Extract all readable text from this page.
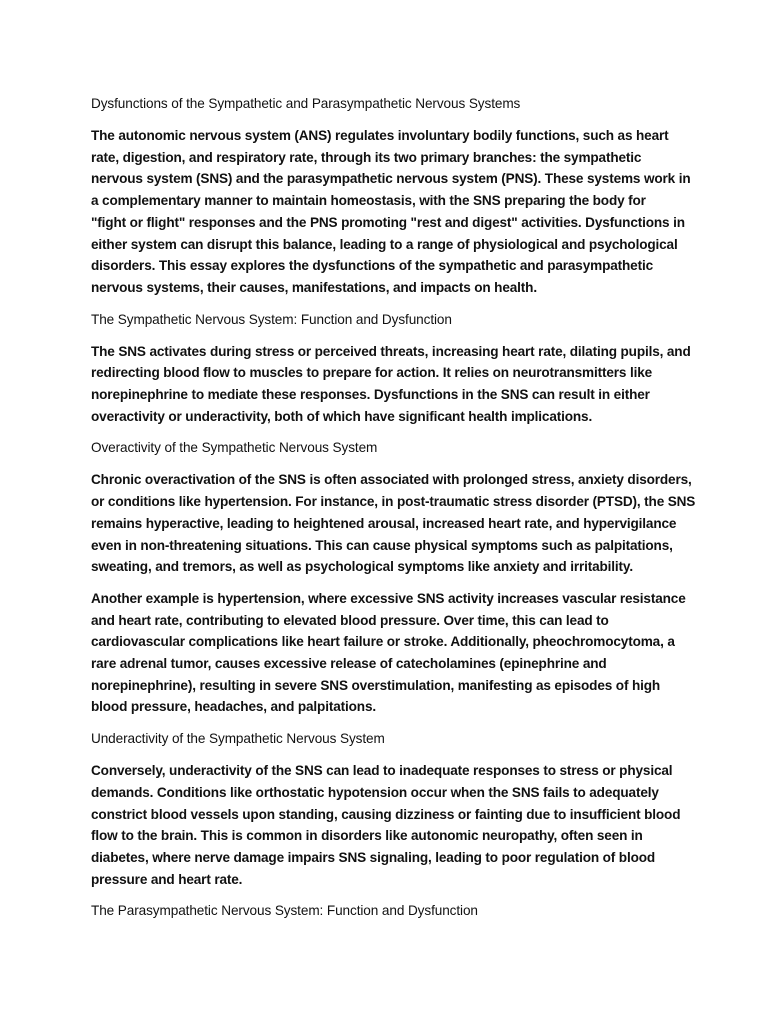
Dysfunctions of the Sympathetic and Parasympathetic Nervous Systems
The autonomic nervous system (ANS) regulates involuntary bodily functions, such as heart
rate, digestion, and respiratory rate, through its two primary branches: the sympathetic
nervous system (SNS) and the parasympathetic nervous system (PNS). These systems work in
a complementary manner to maintain homeostasis, with the SNS preparing the body for
"fight or flight" responses and the PNS promoting "rest and digest" activities. Dysfunctions in
either system can disrupt this balance, leading to a range of physiological and psychological
disorders. This essay explores the dysfunctions of the sympathetic and parasympathetic
nervous systems, their causes, manifestations, and impacts on health.
The Sympathetic Nervous System: Function and Dysfunction
The SNS activates during stress or perceived threats, increasing heart rate, dilating pupils, and
redirecting blood flow to muscles to prepare for action. It relies on neurotransmitters like
norepinephrine to mediate these responses. Dysfunctions in the SNS can result in either
overactivity or underactivity, both of which have significant health implications.
Overactivity of the Sympathetic Nervous System
Chronic overactivation of the SNS is often associated with prolonged stress, anxiety disorders,
or conditions like hypertension. For instance, in post-traumatic stress disorder (PTSD), the SNS
remains hyperactive, leading to heightened arousal, increased heart rate, and hypervigilance
even in non-threatening situations. This can cause physical symptoms such as palpitations,
sweating, and tremors, as well as psychological symptoms like anxiety and irritability.
Another example is hypertension, where excessive SNS activity increases vascular resistance
and heart rate, contributing to elevated blood pressure. Over time, this can lead to
cardiovascular complications like heart failure or stroke. Additionally, pheochromocytoma, a
rare adrenal tumor, causes excessive release of catecholamines (epinephrine and
norepinephrine), resulting in severe SNS overstimulation, manifesting as episodes of high
blood pressure, headaches, and palpitations.
Underactivity of the Sympathetic Nervous System
Conversely, underactivity of the SNS can lead to inadequate responses to stress or physical
demands. Conditions like orthostatic hypotension occur when the SNS fails to adequately
constrict blood vessels upon standing, causing dizziness or fainting due to insufficient blood
flow to the brain. This is common in disorders like autonomic neuropathy, often seen in
diabetes, where nerve damage impairs SNS signaling, leading to poor regulation of blood
pressure and heart rate.
The Parasympathetic Nervous System: Function and Dysfunction
